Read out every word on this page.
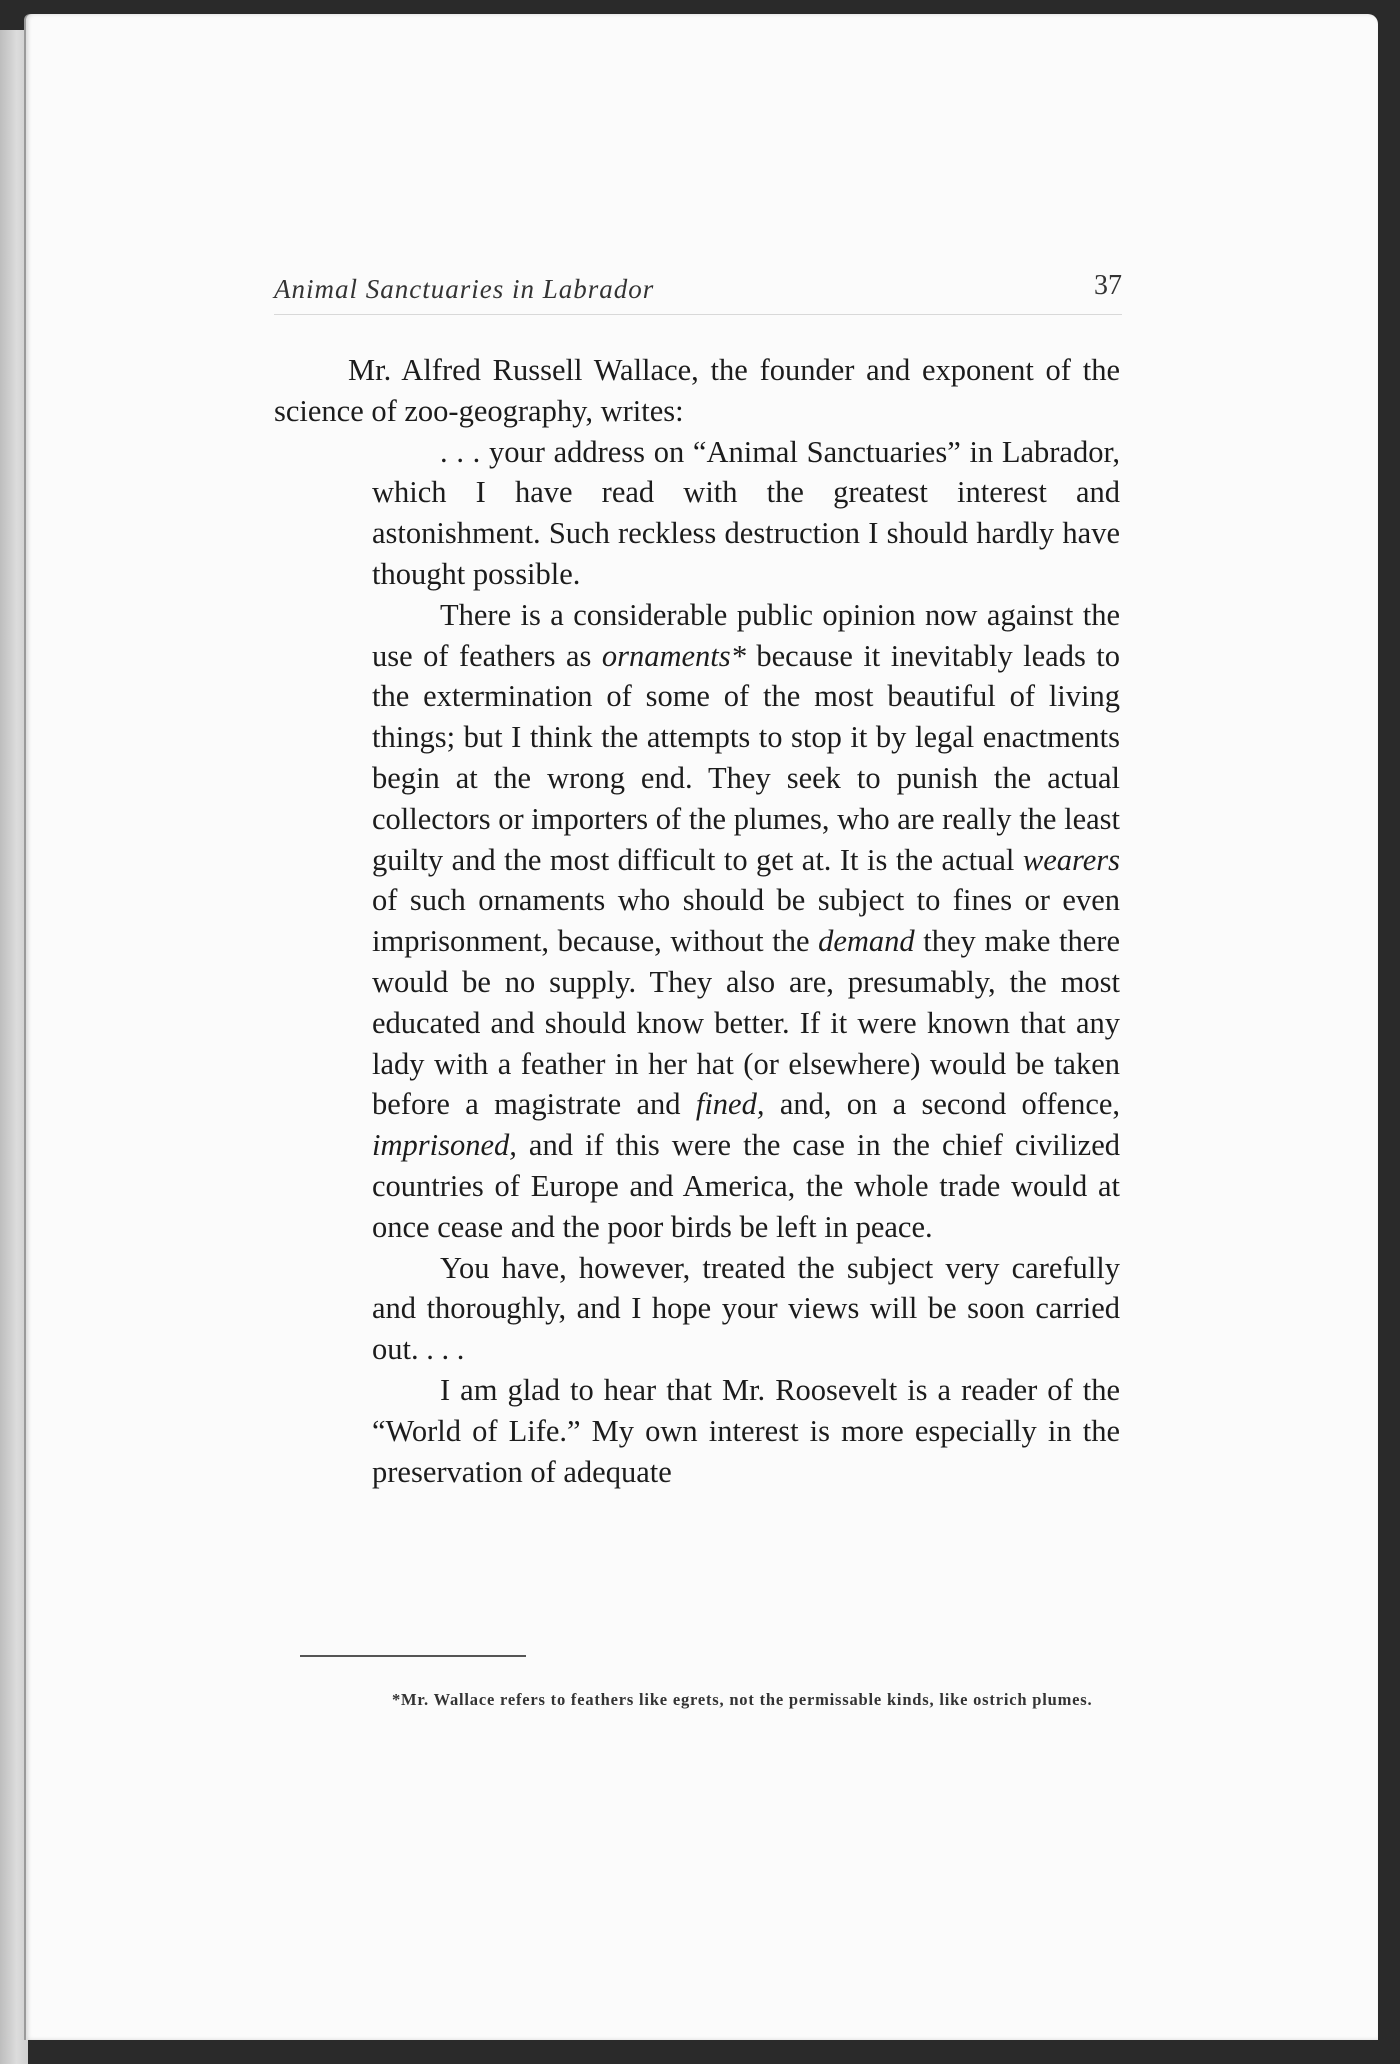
Animal Sanctuaries in Labrador	37

Mr. Alfred Russell Wallace, the founder and exponent of the science of zoo-geography, writes:

. . . your address on “Animal Sanctuaries” in Labrador, which I have read with the greatest interest and astonishment. Such reckless destruction I should hardly have thought possible.

There is a considerable public opinion now against the use of feathers as ornaments* because it inevitably leads to the extermination of some of the most beautiful of living things; but I think the attempts to stop it by legal enactments begin at the wrong end. They seek to punish the actual collectors or importers of the plumes, who are really the least guilty and the most difficult to get at. It is the actual wearers of such ornaments who should be subject to fines or even imprisonment, because, without the demand they make there would be no supply. They also are, presumably, the most educated and should know better. If it were known that any lady with a feather in her hat (or elsewhere) would be taken before a magistrate and fined, and, on a second offence, imprisoned, and if this were the case in the chief civilized countries of Europe and America, the whole trade would at once cease and the poor birds be left in peace.

You have, however, treated the subject very carefully and thoroughly, and I hope your views will be soon carried out. . . .

I am glad to hear that Mr. Roosevelt is a reader of the “World of Life.” My own interest is more especially in the preservation of adequate

*Mr. Wallace refers to feathers like egrets, not the permissable kinds, like ostrich plumes.
